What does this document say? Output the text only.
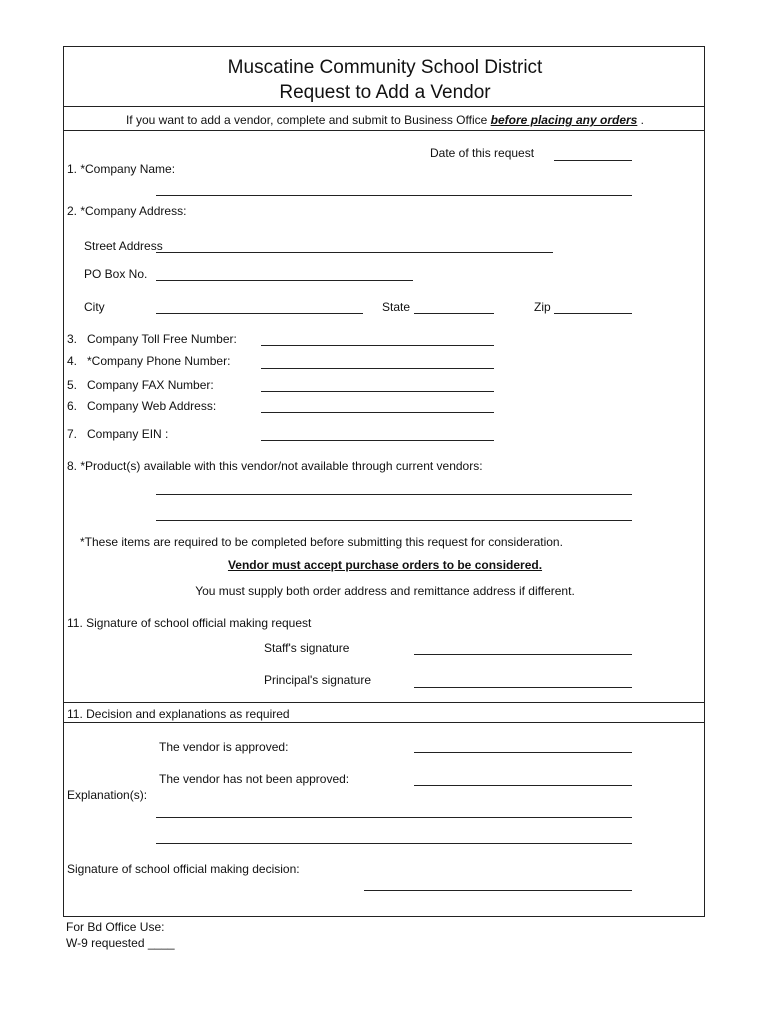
Muscatine Community School District
Request to Add a Vendor
If you want to add a vendor, complete and submit to Business Office before placing any orders .
Date of this request
1. *Company Name:
2. *Company Address:
Street Address
PO Box No.
City	State	Zip
3. Company Toll Free Number:
4. *Company Phone Number:
5. Company FAX Number:
6. Company Web Address:
7. Company EIN :
8. *Product(s) available with this vendor/not available through current vendors:
*These items are required to be completed before submitting this request for consideration.
Vendor must accept purchase orders to be considered.
You must supply both order address and remittance address if different.
11. Signature of school official making request
Staff's signature
Principal's signature
11. Decision and explanations as required
The vendor is approved:
The vendor has not been approved:
Explanation(s):
Signature of school official making decision:
For Bd Office Use:
W-9 requested ____
